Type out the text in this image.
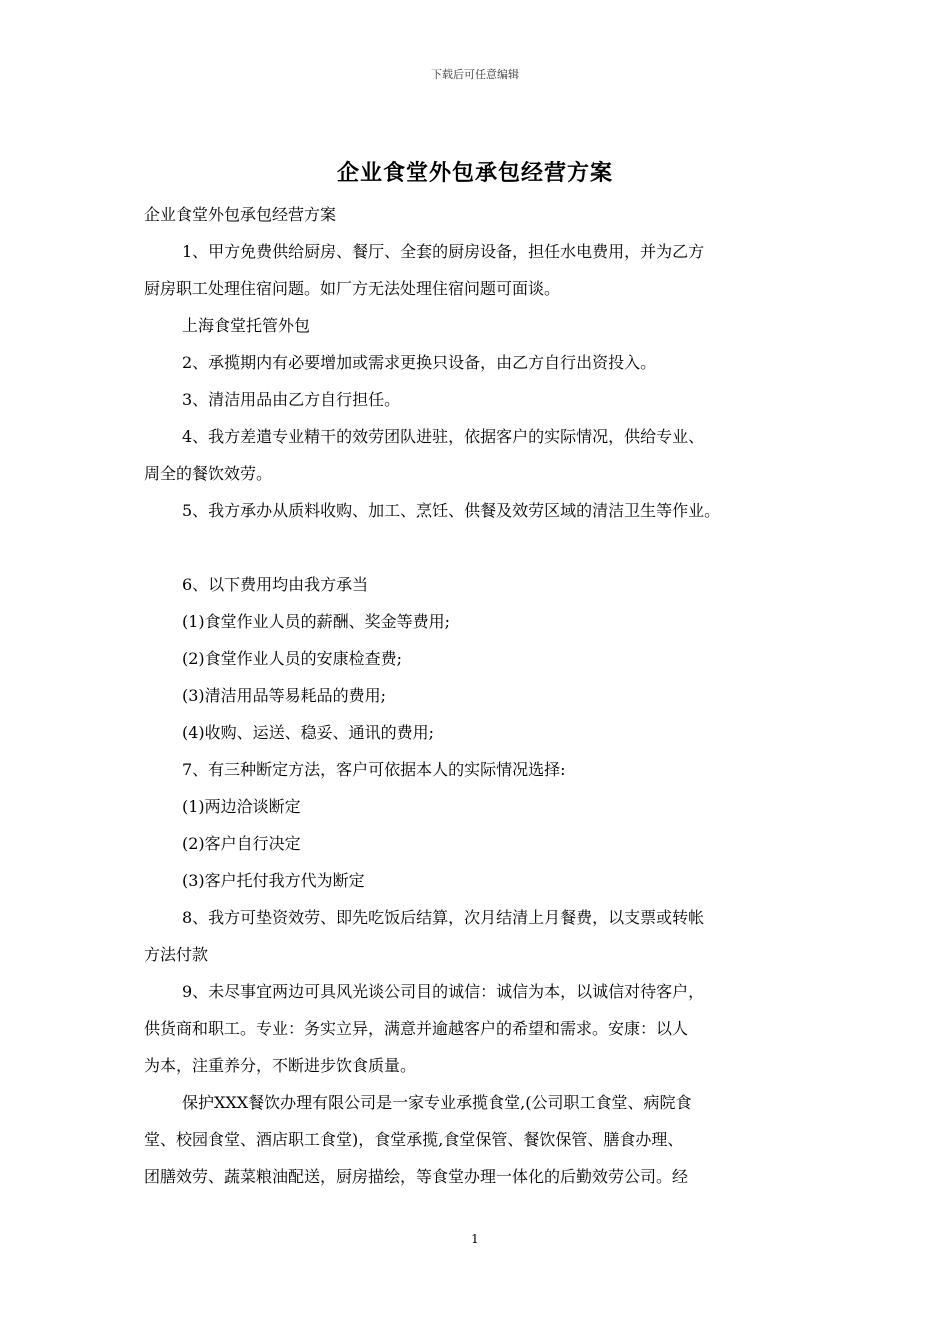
下载后可任意编辑
企业食堂外包承包经营方案

企业食堂外包承包经营方案

1、甲方免费供给厨房、餐厅、全套的厨房设备，担任水电费用，并为乙方

厨房职工处理住宿问题。如厂方无法处理住宿问题可面谈。

上海食堂托管外包

2、承揽期内有必要增加或需求更换只设备，由乙方自行出资投入。

3、清洁用品由乙方自行担任。

4、我方差遣专业精干的效劳团队进驻，依据客户的实际情况，供给专业、

周全的餐饮效劳。

5、我方承办从质料收购、加工、烹饪、供餐及效劳区域的清洁卫生等作业。

6、以下费用均由我方承当

(1)食堂作业人员的薪酬、奖金等费用;

(2)食堂作业人员的安康检查费;

(3)清洁用品等易耗品的费用;

(4)收购、运送、稳妥、通讯的费用;

7、有三种断定方法，客户可依据本人的实际情况选择:

(1)两边洽谈断定

(2)客户自行决定

(3)客户托付我方代为断定

8、我方可垫资效劳、即先吃饭后结算，次月结清上月餐费，以支票或转帐

方法付款

9、未尽事宜两边可具风光谈公司目的诚信：诚信为本，以诚信对待客户，

供货商和职工。专业：务实立异，满意并逾越客户的希望和需求。安康：以人

为本，注重养分，不断进步饮食质量。

保护XXX餐饮办理有限公司是一家专业承揽食堂,(公司职工食堂、病院食

堂、校园食堂、酒店职工食堂)，食堂承揽,食堂保管、餐饮保管、膳食办理、

团膳效劳、蔬菜粮油配送，厨房描绘，等食堂办理一体化的后勤效劳公司。经

1
